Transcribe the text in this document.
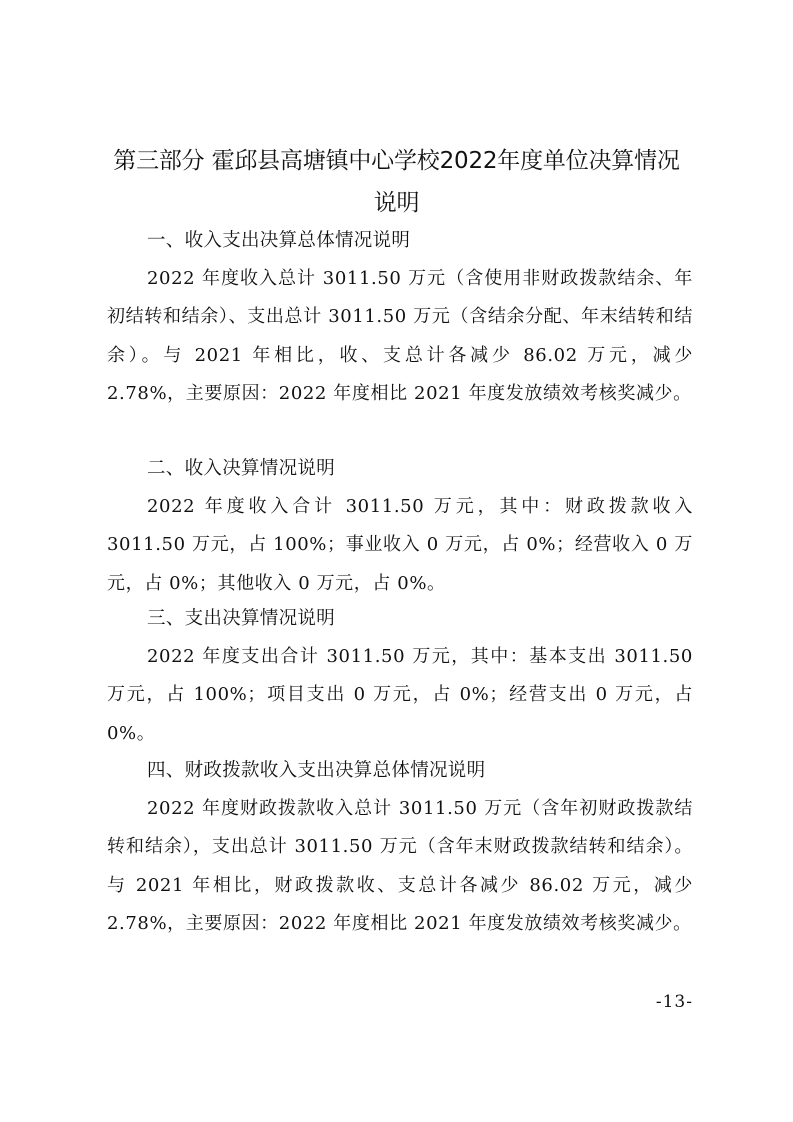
第三部分 霍邱县高塘镇中心学校2022年度单位决算情况
说明
一、收入支出决算总体情况说明

2022 年度收入总计 3011.50 万元（含使用非财政拨款结余、年初结转和结余）、支出总计 3011.50 万元（含结余分配、年末结转和结余）。与 2021 年相比，收、支总计各减少 86.02 万元，减少 2.78%，主要原因：2022 年度相比 2021 年度发放绩效考核奖减少。

二、收入决算情况说明

2022 年度收入合计 3011.50 万元，其中：财政拨款收入3011.50 万元，占 100%；事业收入 0 万元，占 0%；经营收入 0 万元，占 0%；其他收入 0 万元，占 0%。

三、支出决算情况说明

2022 年度支出合计 3011.50 万元，其中：基本支出 3011.50 万元，占 100%；项目支出 0 万元，占 0%；经营支出 0 万元，占0%。

四、财政拨款收入支出决算总体情况说明

2022 年度财政拨款收入总计 3011.50 万元（含年初财政拨款结转和结余），支出总计 3011.50 万元（含年末财政拨款结转和结余）。与 2021 年相比，财政拨款收、支总计各减少 86.02 万元，减少 2.78%，主要原因：2022 年度相比 2021 年度发放绩效考核奖减少。

-13-
